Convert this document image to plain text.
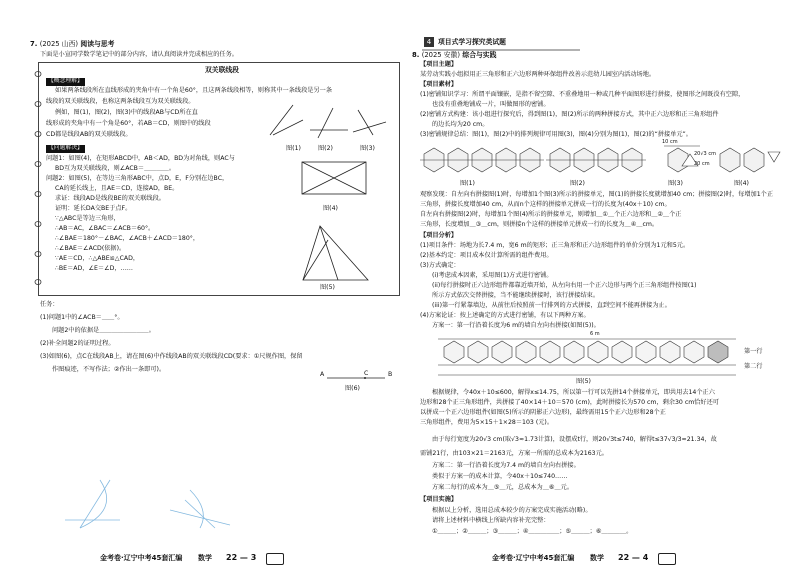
7. (2025 山西) 阅读与思考
下面是小宣同学数学笔记中的部分内容，请认真阅读并完成相应的任务。
双关联线段
【概念理解】
如果两条线段所在直线形成的夹角中有一个角是60°，且这两条线段相等，则称其中一条线段是另一条
线段的双关联线段，也称这两条线段互为双关联线段。
例如，图(1)，图(2)，图(3)中的线段AB与CD所在直
线形成的夹角中有一个角是60°，若AB＝CD，则图中的线段
CD都是线段AB的双关联线段。
图(1)	图(2)	图(3)
【问题解决】
问题1：如图(4)，在矩形ABCD中，AB＜AD，BD为对角线，则AC与
BD互为双关联线段，则∠ACB＝＿＿＿＿。
问题2：如图(5)，在等边三角形ABC中，点D，E，F分别在边BC，
CA的延长线上，且AE＝CD，连接AD，BE。
求证：线段AD是线段BE的双关联线段。
证明：延长DA交BE于点F。
∵△ABC是等边三角形，
∴AB＝AC，∠BAC＝∠ACB＝60°。
∴∠BAE＝180°－∠BAC，∠ACB＋∠ACD＝180°，
∴∠BAE＝∠ACD(依据)。
∵AE＝CD，∴△ABE≌△CAD，
∴BE＝AD，∠E＝∠D，……
图(4)
图(5)
任务：
(1)问题1中的∠ACB＝＿＿°。
问题2中的依据是＿＿＿＿＿＿＿＿。
(2)补全问题2的证明过程。
(3)如图(6)，点C在线段AB上，请在图(6)中作线段AB的双关联线段CD(要求：①尺规作图，保留
作图痕迹，不写作法；②作出一条即可)。
A	C	B
图(6)
金考卷·辽宁中考45套汇编 数学 22 — 3
4 项目式学习探究类试题
8. (2025 安徽) 综合与实践
【项目主题】
某劳动实践小组拟用正三角形和正六边形两种环保组件改善示范幼儿园室内活动场地。
【项目素材】
(1)密铺知识学习：所谓平面镶嵌，是指不留空隙、不重叠地用一种或几种平面图形进行拼接，使图形之间既没有空隙，
也没有重叠地铺成一片，叫做图形的密铺。
(2)密铺方式构建：该小组进行探究后，得到图(1)，图(2)所示的两种拼接方式，其中正六边形和正三角形组件
的边长均为20 cm。
(3)密铺规律总结：图(1)，图(2)中的排列规律可用图(3)，图(4)分别为图(1)，图(2)的“拼接单元”。
10 cm
20√3 cm
20 cm
图(1)	图(2)	图(3)	图(4)
观察发现：自左向右拼接图(1)时，每增加1个图(3)所示的拼接单元，图(1)的拼接长度就增加40 cm；拼接图(2)时，每增加1个正
三角形，拼接长度增加40 cm，从而n个这样的拼接单元拼成一行的长度为(40x＋10) cm。
自左向右拼接图(2)时，每增加1个图(4)所示的拼接单元，则增加＿①＿个正六边形和＿②＿个正
三角形，长度增加＿③＿cm，则拼接n个这样的拼接单元拼成一行的长度为＿④＿cm。
【项目分析】
(1)项目条件：场地为长7.4 m，宽6 m的矩形；正三角形和正六边形组件的单价分别为1元和5元。
(2)基本约定：项目成本仅计算所需的组件费用。
(3)方式确定：
(i)考虑成本因素，采用图(1)方式进行密铺。
(ii)每行拼接时正六边形组件都靠近墙开始，从左向右用一个正六边形与两个正三角形组件按图(1)
所示方式依次交替拼接，当不能继续拼接时，该行拼接结束。
(iii)第一行紧靠墙边，从前往后按照前一行排列的方式拼接，直到空间不能再拼接为止。
(4)方案论证：按上述确定的方式进行密铺，有以下两种方案。
方案一：第一行沿着长度为6 m的墙自左向右拼接(如图(5))。
6 m
第一行
第二行
图(5)
根据规律，令40x＋10≤600，解得x≤14.75，所以第一行可以先拼14个拼接单元，即共用去14个正六
边形和28个正三角形组件，共拼接了40×14＋10＝570 (cm)，此时拼接长为570 cm，剩余30 cm恰好还可
以拼成一个正六边形组件(如图(5)所示的阴影正六边形)，最终需用15个正六边形和28个正
三角形组件，费用为5×15＋1×28＝103 (元)。
由于每行宽度为20√3 cm(取√3≈1.73计算)，设摆成t行，则20√3t≤740，解得t≤37√3/3≈21.34，故
需铺21行，由103×21＝2163元，方案一所需的总成本为2163元。
方案二：第一行沿着长度为7.4 m的墙自左向右拼接。
类似于方案一的成本计算，令40x＋10≤740……
方案二每行的成本为＿⑤＿元，总成本为＿⑥＿元。
【项目实施】
根据以上分析，选用总成本较少的方案完成实施活动(略)。
请将上述材料中横线上所缺内容补充完整：
①＿＿＿；②＿＿＿；③＿＿＿；④＿＿＿＿＿；⑤＿＿＿；⑥＿＿＿＿。
金考卷·辽宁中考45套汇编 数学 22 — 4
